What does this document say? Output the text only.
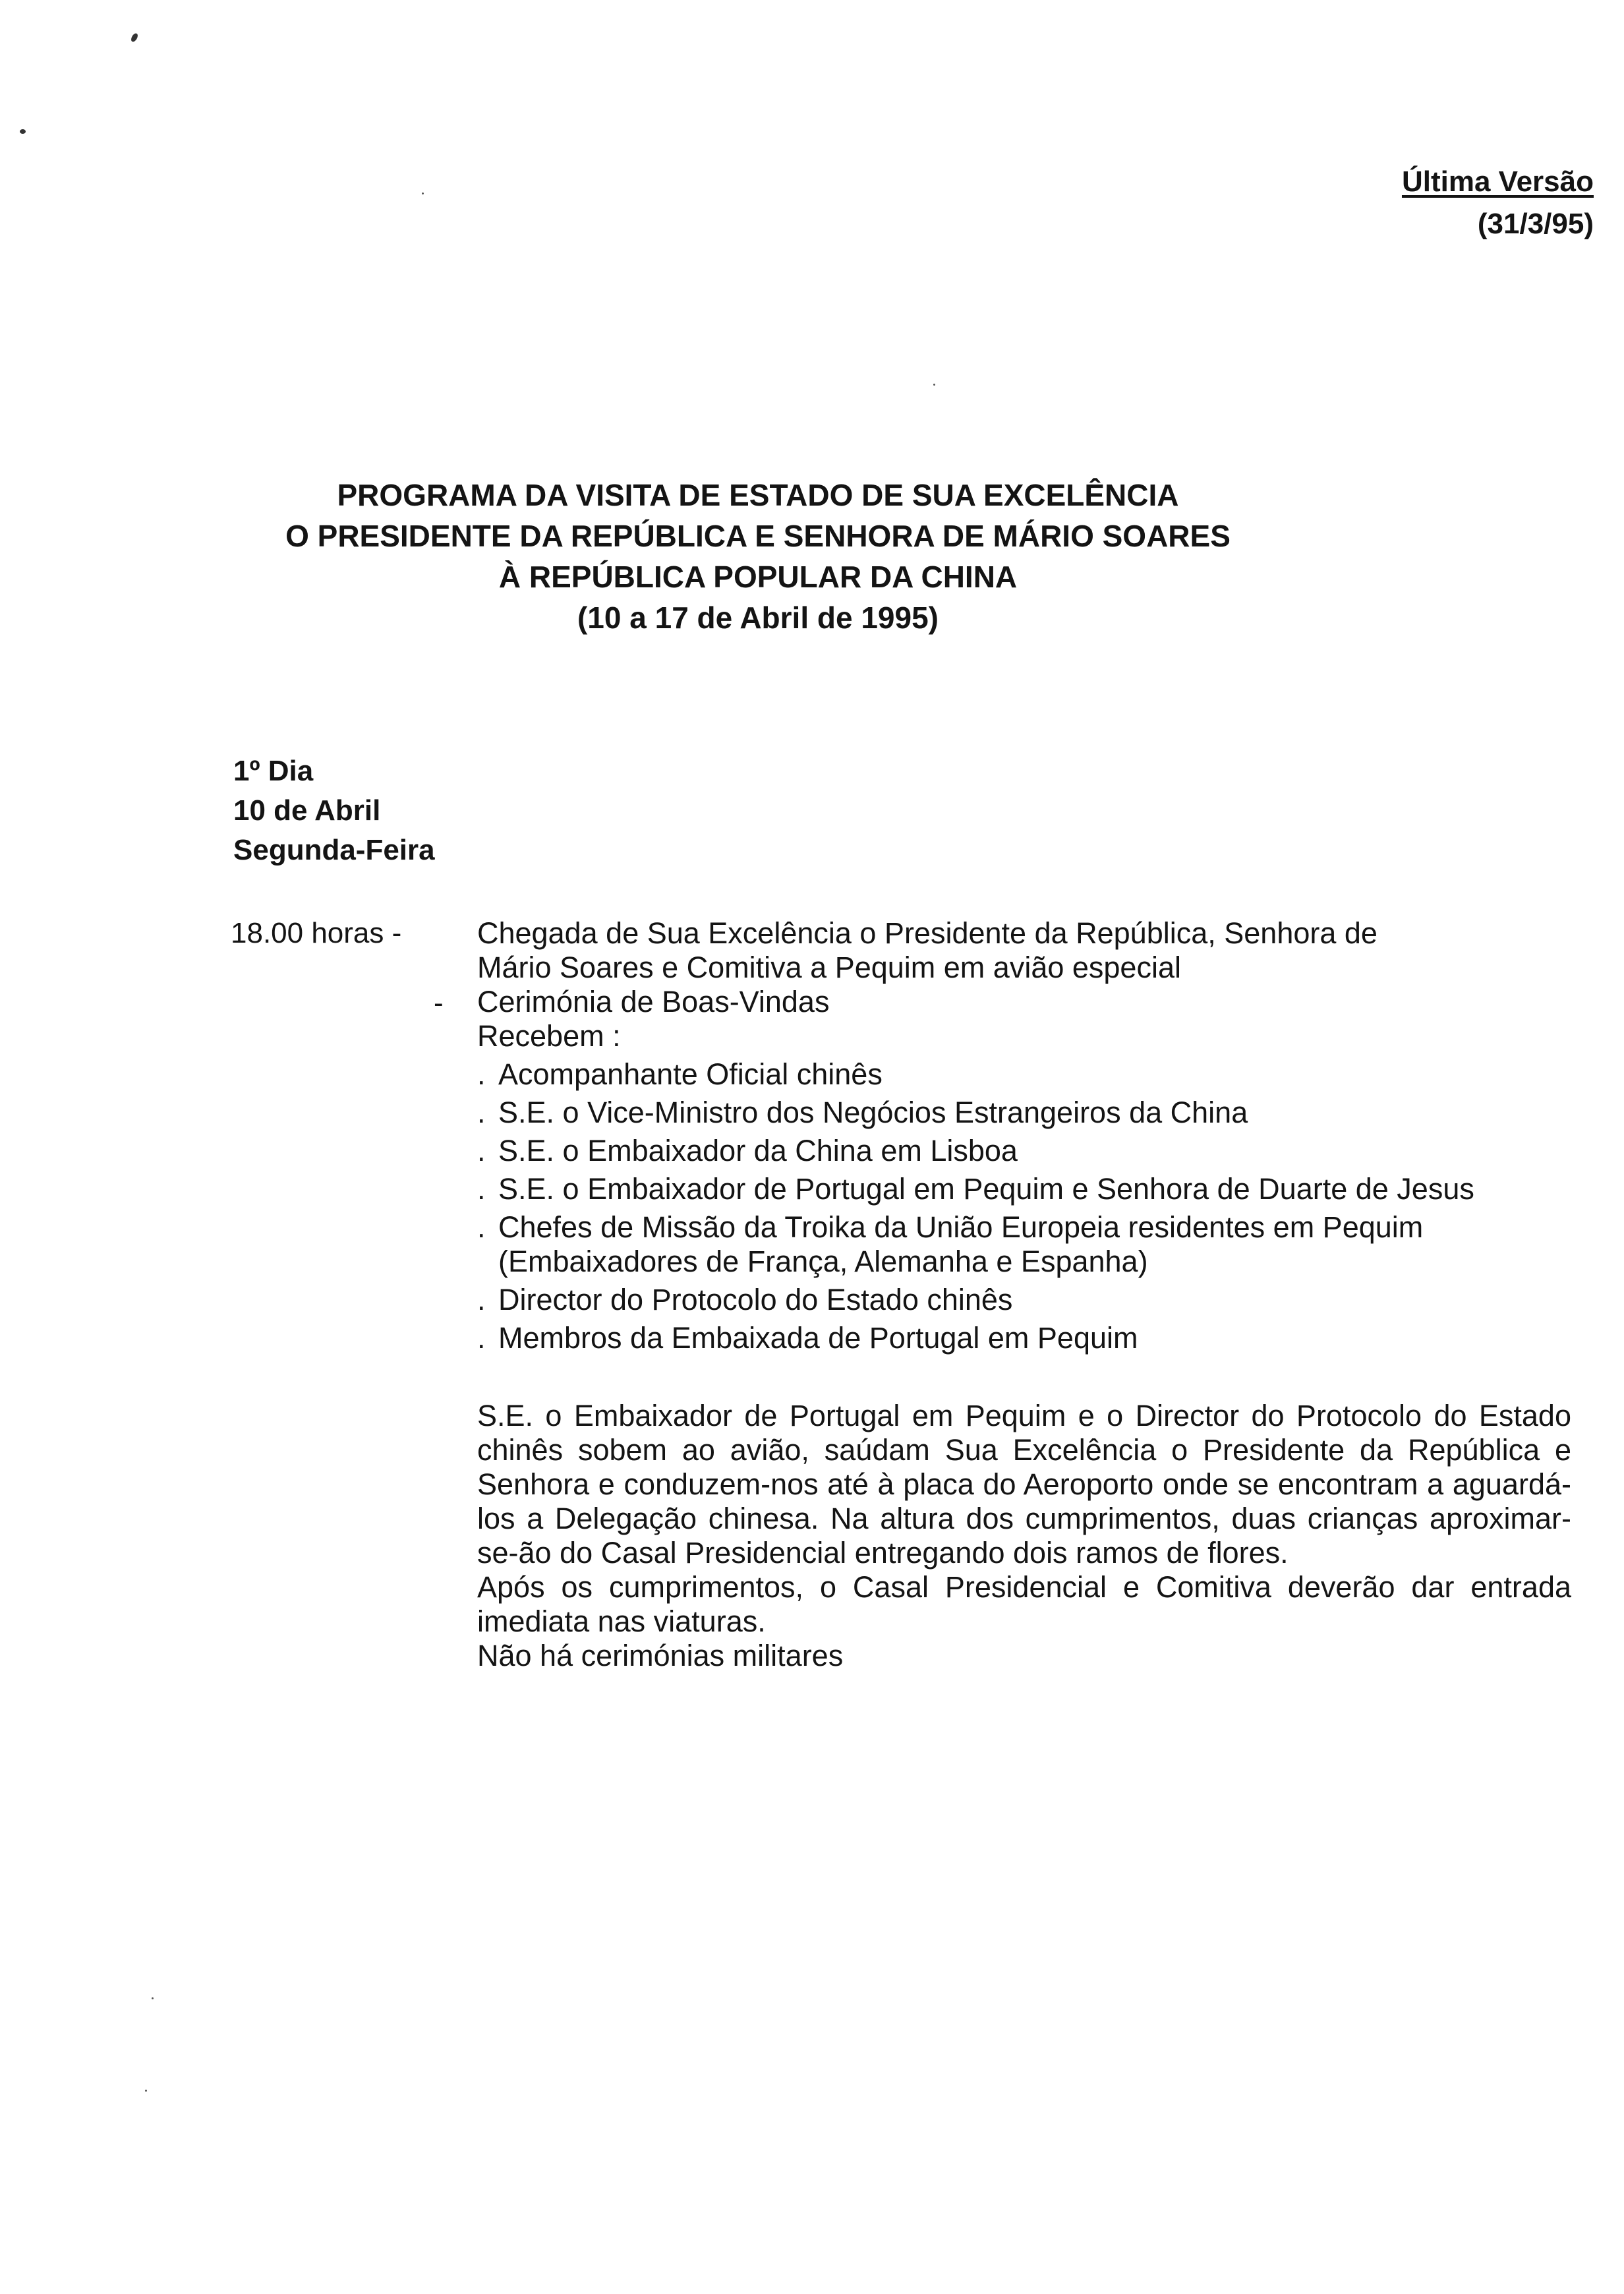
Última Versão
(31/3/95)
PROGRAMA DA VISITA DE ESTADO DE SUA EXCELÊNCIA
O PRESIDENTE DA REPÚBLICA E SENHORA DE MÁRIO SOARES
À REPÚBLICA POPULAR DA CHINA
(10 a 17 de Abril de 1995)
1º Dia
10 de Abril
Segunda-Feira
18.00 horas -
-
Chegada de Sua Excelência o Presidente da República, Senhora de
Mário Soares e Comitiva a Pequim em avião especial
Cerimónia de Boas-Vindas
Recebem :
. Acompanhante Oficial chinês
. S.E. o Vice-Ministro dos Negócios Estrangeiros da China
. S.E. o Embaixador da China em Lisboa
. S.E. o Embaixador de Portugal em Pequim e Senhora de Duarte de Jesus
. Chefes de Missão da Troika da União Europeia residentes em Pequim (Embaixadores de França, Alemanha e Espanha)
. Director do Protocolo do Estado chinês
. Membros da Embaixada de Portugal em Pequim

S.E. o Embaixador de Portugal em Pequim e o Director do Protocolo do Estado chinês sobem ao avião, saúdam Sua Excelência o Presidente da República e Senhora e conduzem-nos até à placa do Aeroporto onde se encontram a aguardá-los a Delegação chinesa. Na altura dos cumprimentos, duas crianças aproximar-se-ão do Casal Presidencial entregando dois ramos de flores.

Após os cumprimentos, o Casal Presidencial e Comitiva deverão dar entrada imediata nas viaturas.

Não há cerimónias militares
